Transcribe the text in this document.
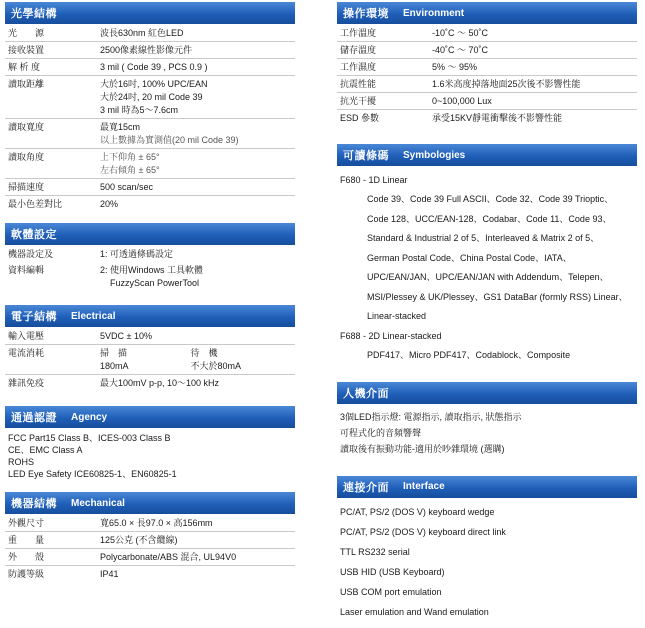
光學結構
光　　源	波長630nm 紅色LED
接收裝置	2500像素線性影像元件
解 析 度	3 mil ( Code 39 , PCS 0.9 )
讀取距離	大於16吋, 100% UPC/EAN
大於24吋, 20 mil Code 39
3 mil 時為5～7.6cm

讀取寬度	最寬15cm
以上數據為實測值(20 mil Code 39)

讀取角度	上下仰角 ± 65°
左右傾角 ± 65°

掃描速度	500 scan/sec
最小色差對比	20%
軟體設定
機器設定及	1: 可透過條碼設定
資料編輯	2: 使用Windows 工具軟體
FuzzyScan PowerTool
電子結構 Electrical
輸入電壓	5VDC ± 10%
電流消耗	掃　描 待　機
180mA 不大於80mA

雜訊免疫	最大100mV p-p, 10～100 kHz
通過認證 Agency
FCC Part15 Class B、ICES-003 Class B
CE、EMC Class A
ROHS
LED Eye Safety ICE60825-1、EN60825-1
機器結構 Mechanical
外觀尺寸	寬65.0 × 長97.0 × 高156mm
重　　量	125公克 (不含纜線)
外　　殼	Polycarbonate/ABS 混合, UL94V0
防護等級	IP41
操作環境 Environment
工作溫度	-10˚C ～ 50˚C
儲存溫度	-40˚C ～ 70˚C
工作濕度	5% ～ 95%
抗震性能	1.6米高度掉落地面25次後不影響性能
抗光干擾	0~100,000 Lux
ESD 參數	承受15KV靜電衝擊後不影響性能
可讀條碼 Symbologies
F680 - 1D Linear
Code 39、Code 39 Full ASCII、Code 32、Code 39 Trioptic、
Code 128、UCC/EAN-128、Codabar、Code 11、Code 93、
Standard & Industrial 2 of 5、Interleaved & Matrix 2 of 5、
German Postal Code、China Postal Code、IATA、
UPC/EAN/JAN、UPC/EAN/JAN with Addendum、Telepen、
MSI/Plessey & UK/Plessey、GS1 DataBar (formly RSS) Linear、
Linear-stacked
F688 - 2D Linear-stacked
PDF417、Micro PDF417、Codablock、Composite
人機介面
3個LED指示燈: 電源指示, 讀取指示, 狀態指示
可程式化的音頻響聲
讀取後有振動功能-適用於吵雜環境 (選購)
連接介面 Interface
PC/AT, PS/2 (DOS V) keyboard wedge
PC/AT, PS/2 (DOS V) keyboard direct link
TTL RS232 serial
USB HID (USB Keyboard)
USB COM port emulation
Laser emulation and Wand emulation
